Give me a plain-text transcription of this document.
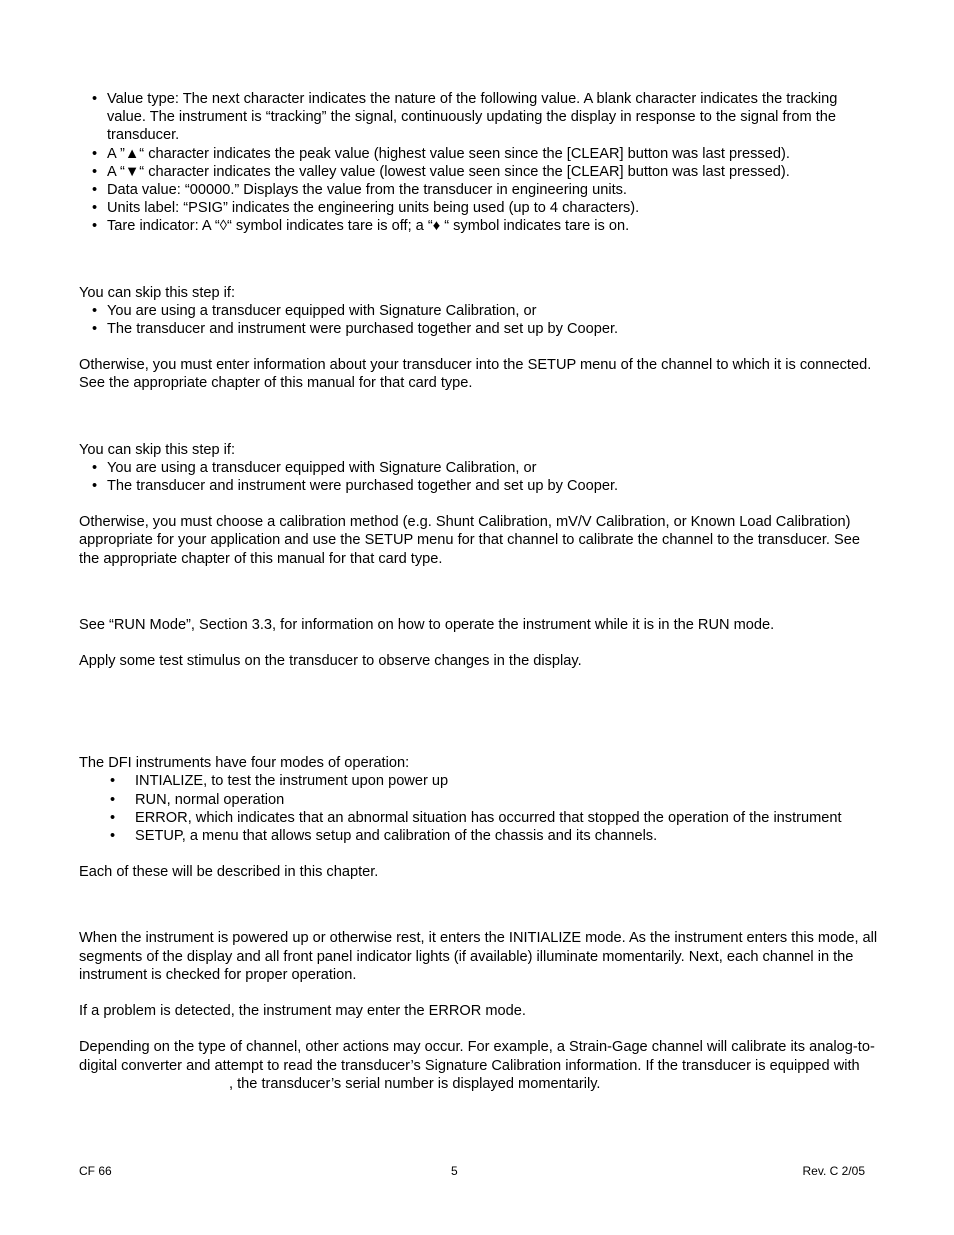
• Value type: The next character indicates the nature of the following value. A blank character indicates the tracking value. The instrument is “tracking” the signal, continuously updating the display in response to the signal from the transducer.
• A ”▲“ character indicates the peak value (highest value seen since the [CLEAR] button was last pressed).
• A “▼“ character indicates the valley value (lowest value seen since the [CLEAR] button was last pressed).
• Data value: “00000.” Displays the value from the transducer in engineering units.
• Units label: “PSIG” indicates the engineering units being used (up to 4 characters).
• Tare indicator: A “◊“ symbol indicates tare is off; a “♦ “ symbol indicates tare is on.

You can skip this step if:

• You are using a transducer equipped with Signature Calibration, or
• The transducer and instrument were purchased together and set up by Cooper.

Otherwise, you must enter information about your transducer into the SETUP menu of the channel to which it is connected. See the appropriate chapter of this manual for that card type.

You can skip this step if:

• You are using a transducer equipped with Signature Calibration, or
• The transducer and instrument were purchased together and set up by Cooper.

Otherwise, you must choose a calibration method (e.g. Shunt Calibration, mV/V Calibration, or Known Load Calibration) appropriate for your application and use the SETUP menu for that channel to calibrate the channel to the transducer. See the appropriate chapter of this manual for that card type.

See “RUN Mode”, Section 3.3, for information on how to operate the instrument while it is in the RUN mode.

Apply some test stimulus on the transducer to observe changes in the display.

The DFI instruments have four modes of operation:

• INTIALIZE, to test the instrument upon power up
• RUN, normal operation
• ERROR, which indicates that an abnormal situation has occurred that stopped the operation of the instrument
• SETUP, a menu that allows setup and calibration of the chassis and its channels.

Each of these will be described in this chapter.

When the instrument is powered up or otherwise rest, it enters the INITIALIZE mode. As the instrument enters this mode, all segments of the display and all front panel indicator lights (if available) illuminate momentarily. Next, each channel in the instrument is checked for proper operation.

If a problem is detected, the instrument may enter the ERROR mode.

Depending on the type of channel, other actions may occur. For example, a Strain-Gage channel will calibrate its analog-to-digital converter and attempt to read the transducer’s Signature Calibration information. If the transducer is equipped with, the transducer’s serial number is displayed momentarily.

CF 66	5	Rev. C 2/05
